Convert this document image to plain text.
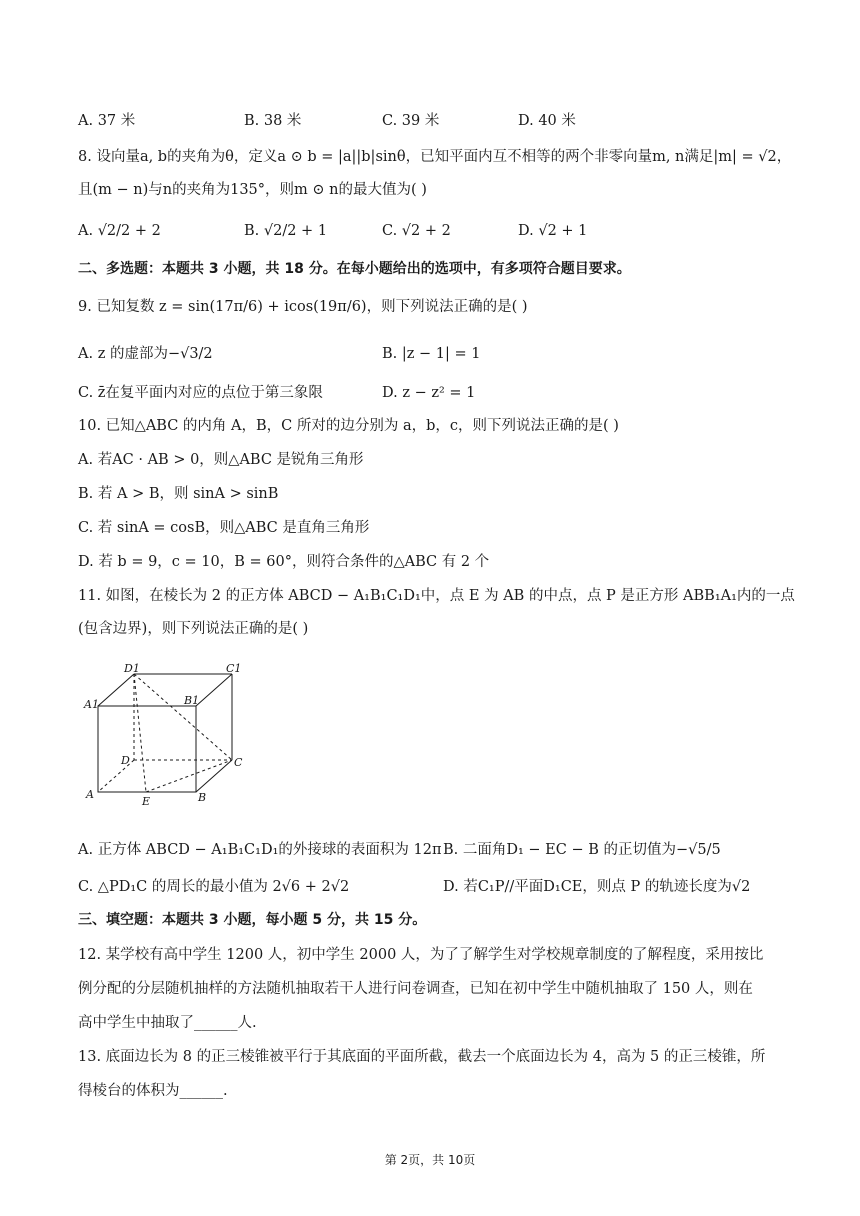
A. 37 米	B. 38 米	C. 39 米	D. 40 米
8. 设向量a, b的夹角为θ，定义a ⊙ b = |a||b|sinθ，已知平面内互不相等的两个非零向量m, n满足|m| = √2，
且(m − n)与n的夹角为135°，则m ⊙ n的最大值为( )
A. √2/2 + 2	B. √2/2 + 1	C. √2 + 2	D. √2 + 1
二、多选题：本题共 3 小题，共 18 分。在每小题给出的选项中，有多项符合题目要求。
9. 已知复数 z = sin(17π/6) + icos(19π/6)，则下列说法正确的是( )
A. z 的虚部为−√3/2	B. |z − 1| = 1
C. z̄在复平面内对应的点位于第三象限	D. z − z² = 1
10. 已知△ABC 的内角 A，B，C 所对的边分别为 a，b，c，则下列说法正确的是( )
A. 若AC · AB > 0，则△ABC 是锐角三角形
B. 若 A > B，则 sinA > sinB
C. 若 sinA = cosB，则△ABC 是直角三角形
D. 若 b = 9，c = 10，B = 60°，则符合条件的△ABC 有 2 个
11. 如图，在棱长为 2 的正方体 ABCD − A₁B₁C₁D₁中，点 E 为 AB 的中点，点 P 是正方形 ABB₁A₁内的一点
(包含边界)，则下列说法正确的是( )
D1	C1
A1	B1
D	C
A
E	B
A. 正方体 ABCD − A₁B₁C₁D₁的外接球的表面积为 12π B. 二面角D₁ − EC − B 的正切值为−√5/5
C. △PD₁C 的周长的最小值为 2√6 + 2√2	D. 若C₁P//平面D₁CE，则点 P 的轨迹长度为√2
三、填空题：本题共 3 小题，每小题 5 分，共 15 分。
12. 某学校有高中学生 1200 人，初中学生 2000 人，为了了解学生对学校规章制度的了解程度，采用按比
例分配的分层随机抽样的方法随机抽取若干人进行问卷调查，已知在初中学生中随机抽取了 150 人，则在
高中学生中抽取了______人.
13. 底面边长为 8 的正三棱锥被平行于其底面的平面所截，截去一个底面边长为 4，高为 5 的正三棱锥，所
得棱台的体积为______.
第 2页，共 10页
